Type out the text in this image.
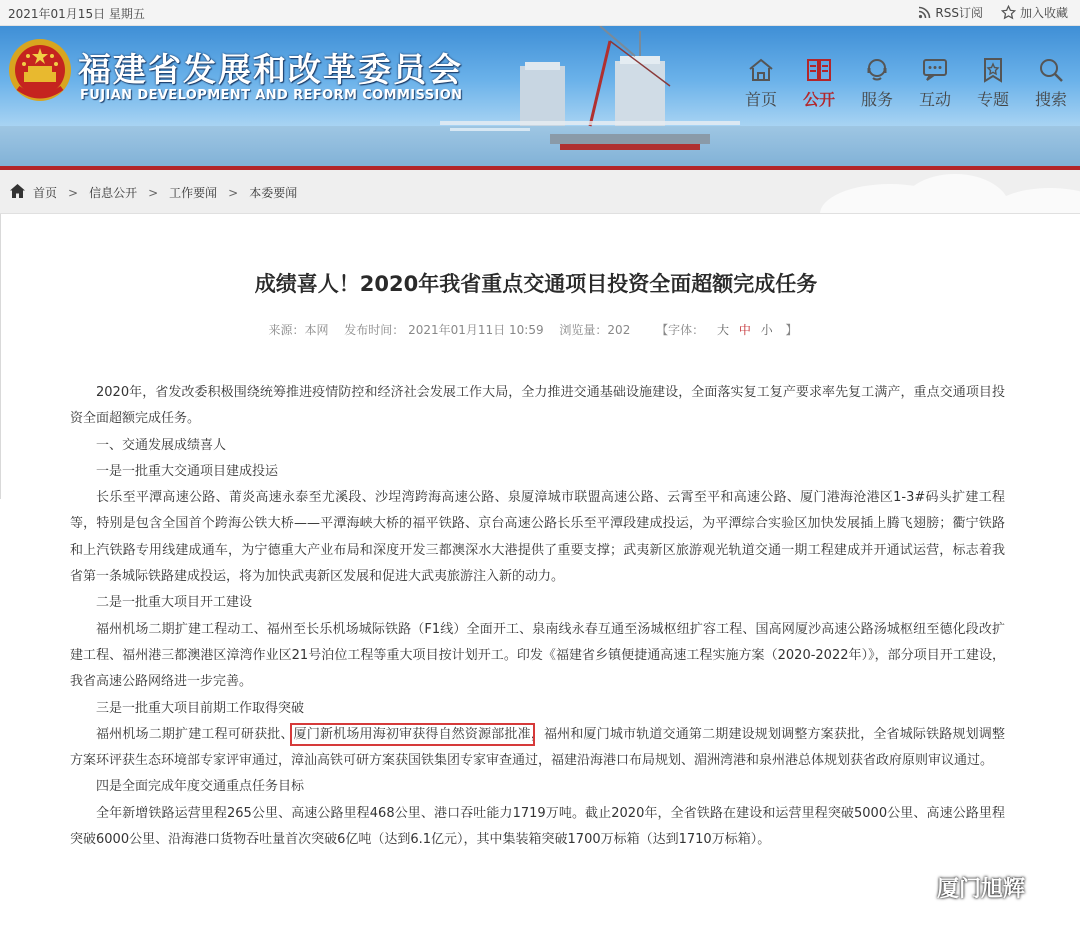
2021年01月15日 星期五	RSS订阅	加入收藏
福建省发展和改革委员会
FUJIAN DEVELOPMENT AND REFORM COMMISSION	首页	公开	服务	互动	专题	搜索
首页 > 信息公开 > 工作要闻 > 本委要闻
成绩喜人！2020年我省重点交通项目投资全面超额完成任务
来源：本网 发布时间： 2021年01月11日 10:59 浏览量：202 【字体： 大 中 小 】

2020年，省发改委积极围绕统筹推进疫情防控和经济社会发展工作大局，全力推进交通基础设施建设，全面落实复工复产要求率先复工满产，重点交通项目投资全面超额完成任务。

一、交通发展成绩喜人

一是一批重大交通项目建成投运

长乐至平潭高速公路、莆炎高速永泰至尤溪段、沙埕湾跨海高速公路、泉厦漳城市联盟高速公路、云霄至平和高速公路、厦门港海沧港区1-3#码头扩建工程等，特别是包含全国首个跨海公铁大桥——平潭海峡大桥的福平铁路、京台高速公路长乐至平潭段建成投运，为平潭综合实验区加快发展插上腾飞翅膀；衢宁铁路和上汽铁路专用线建成通车，为宁德重大产业布局和深度开发三都澳深水大港提供了重要支撑；武夷新区旅游观光轨道交通一期工程建成并开通试运营，标志着我省第一条城际铁路建成投运，将为加快武夷新区发展和促进大武夷旅游注入新的动力。

二是一批重大项目开工建设

福州机场二期扩建工程动工、福州至长乐机场城际铁路（F1线）全面开工、泉南线永春互通至汤城枢纽扩容工程、国高网厦沙高速公路汤城枢纽至德化段改扩建工程、福州港三都澳港区漳湾作业区21号泊位工程等重大项目按计划开工。印发《福建省乡镇便捷通高速工程实施方案（2020-2022年）》，部分项目开工建设，我省高速公路网络进一步完善。

三是一批重大项目前期工作取得突破

福州机场二期扩建工程可研获批、厦门新机场用海初审获得自然资源部批准，福州和厦门城市轨道交通第二期建设规划调整方案获批，全省城际铁路规划调整方案环评获生态环境部专家评审通过，漳汕高铁可研方案获国铁集团专家审查通过，福建沿海港口布局规划、湄洲湾港和泉州港总体规划获省政府原则审议通过。

四是全面完成年度交通重点任务目标

全年新增铁路运营里程265公里、高速公路里程468公里、港口吞吐能力1719万吨。截止2020年，全省铁路在建设和运营里程突破5000公里、高速公路里程突破6000公里、沿海港口货物吞吐量首次突破6亿吨（达到6.1亿元），其中集装箱突破1700万标箱（达到1710万标箱）。

厦门旭辉
